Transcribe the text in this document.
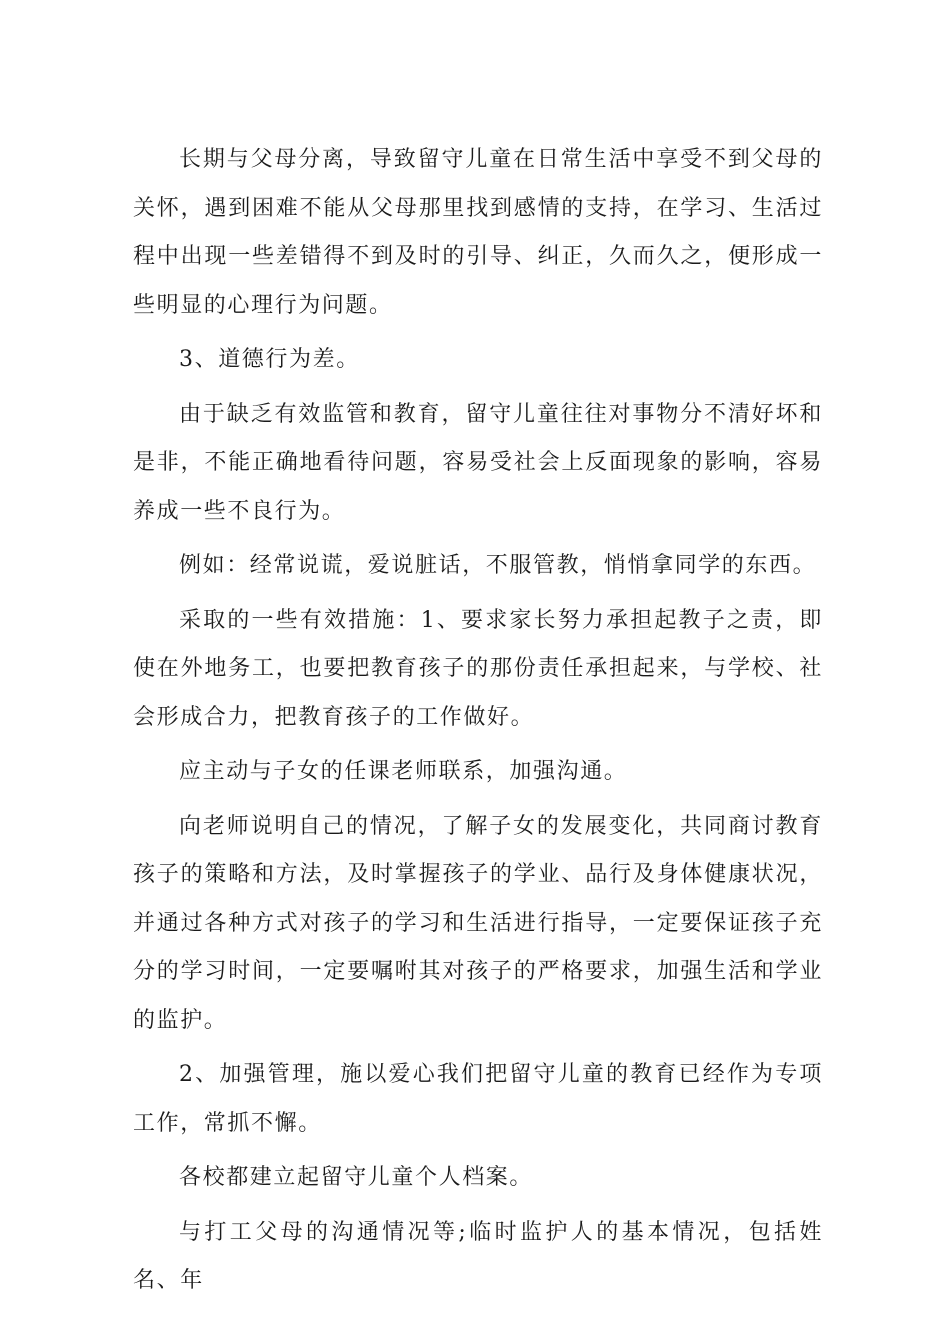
长期与父母分离，导致留守儿童在日常生活中享受不到父母的关怀，遇到困难不能从父母那里找到感情的支持，在学习、生活过程中出现一些差错得不到及时的引导、纠正，久而久之，便形成一些明显的心理行为问题。

3、道德行为差。

由于缺乏有效监管和教育，留守儿童往往对事物分不清好坏和是非，不能正确地看待问题，容易受社会上反面现象的影响，容易养成一些不良行为。

例如：经常说谎，爱说脏话，不服管教，悄悄拿同学的东西。

采取的一些有效措施：1、要求家长努力承担起教子之责，即使在外地务工，也要把教育孩子的那份责任承担起来，与学校、社会形成合力，把教育孩子的工作做好。

应主动与子女的任课老师联系，加强沟通。

向老师说明自己的情况，了解子女的发展变化，共同商讨教育孩子的策略和方法，及时掌握孩子的学业、品行及身体健康状况，并通过各种方式对孩子的学习和生活进行指导，一定要保证孩子充分的学习时间，一定要嘱咐其对孩子的严格要求，加强生活和学业的监护。

2、加强管理，施以爱心我们把留守儿童的教育已经作为专项工作，常抓不懈。

各校都建立起留守儿童个人档案。

与打工父母的沟通情况等;临时监护人的基本情况，包括姓名、年
